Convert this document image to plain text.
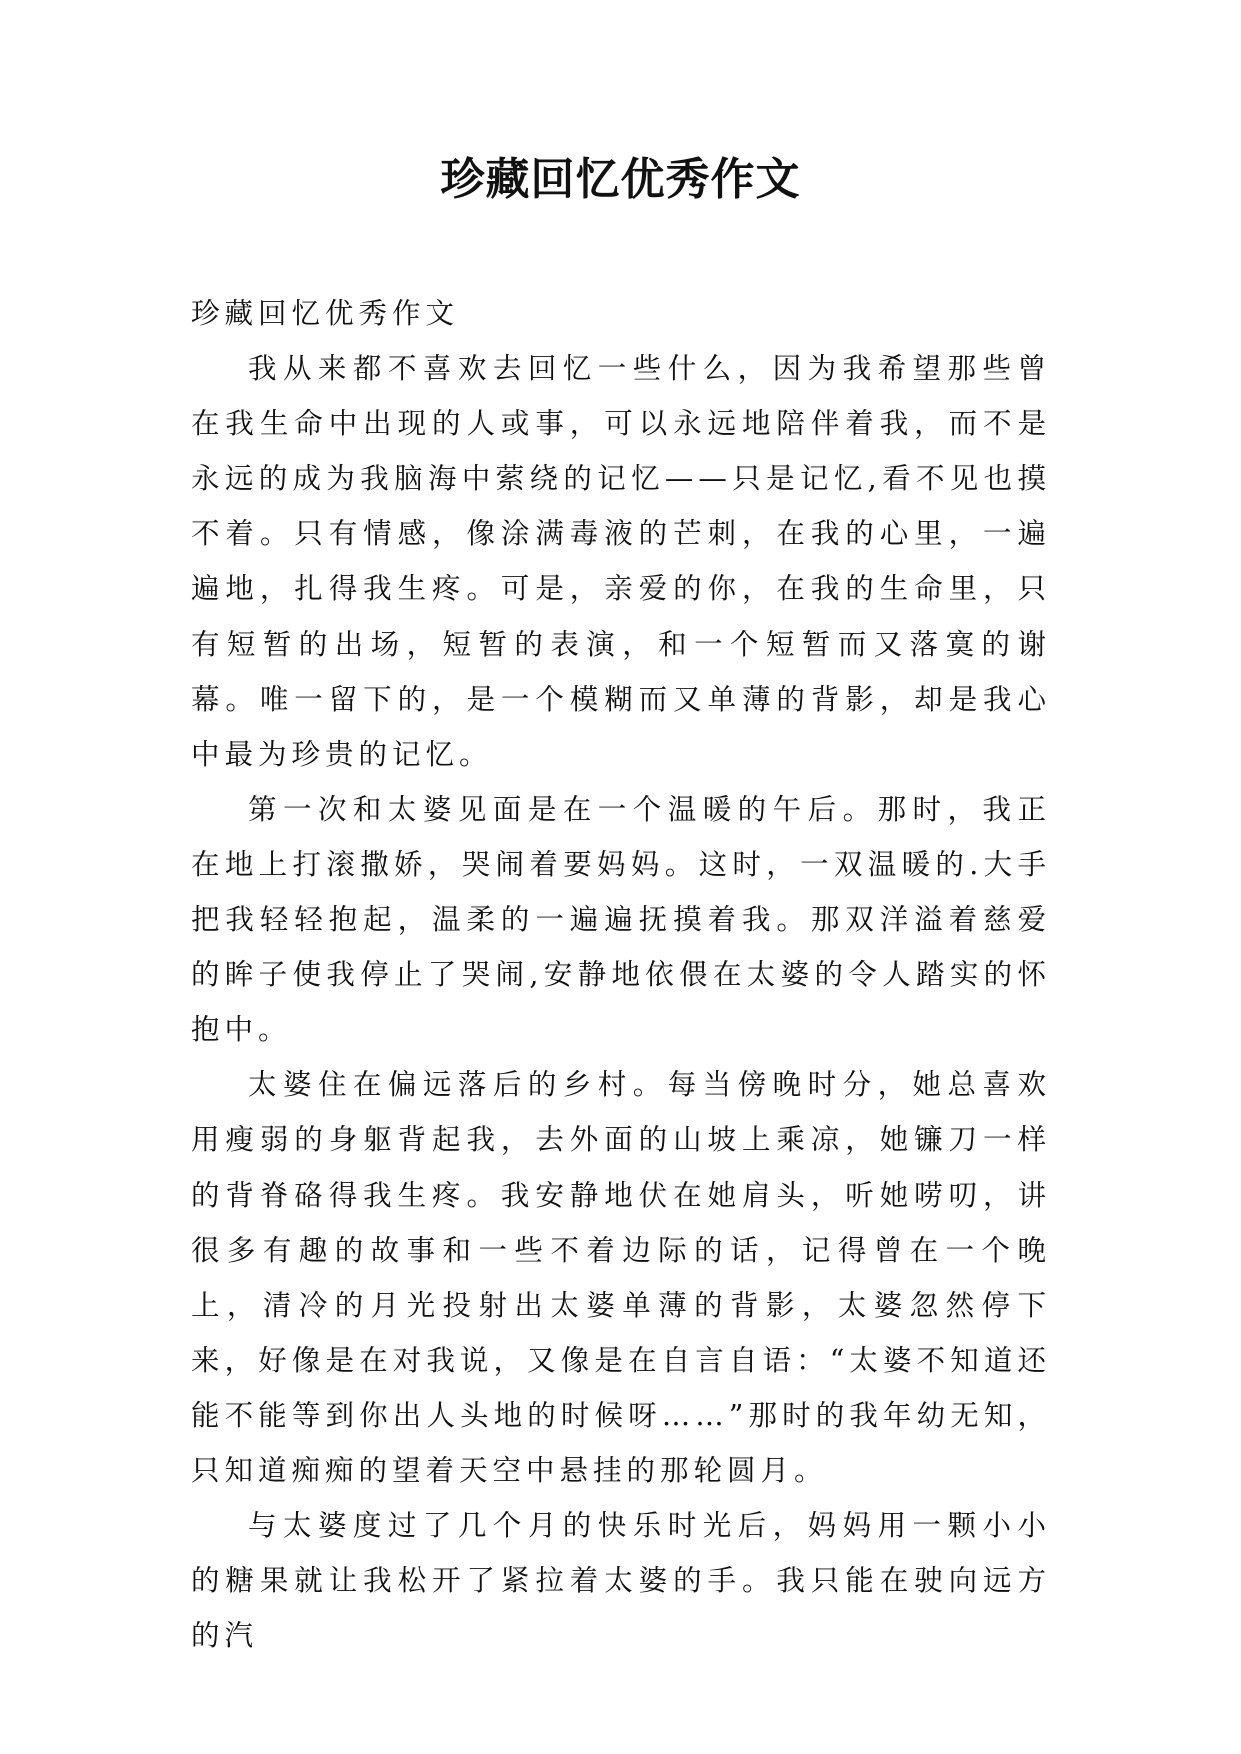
珍藏回忆优秀作文

珍藏回忆优秀作文

我从来都不喜欢去回忆一些什么，因为我希望那些曾在我生命中出现的人或事，可以永远地陪伴着我，而不是永远的成为我脑海中萦绕的记忆——只是记忆,看不见也摸不着。只有情感，像涂满毒液的芒刺，在我的心里，一遍遍地，扎得我生疼。可是，亲爱的你，在我的生命里，只有短暂的出场，短暂的表演，和一个短暂而又落寞的谢幕。唯一留下的，是一个模糊而又单薄的背影，却是我心中最为珍贵的记忆。

第一次和太婆见面是在一个温暖的午后。那时，我正在地上打滚撒娇，哭闹着要妈妈。这时，一双温暖的.大手把我轻轻抱起，温柔的一遍遍抚摸着我。那双洋溢着慈爱的眸子使我停止了哭闹,安静地依偎在太婆的令人踏实的怀抱中。

太婆住在偏远落后的乡村。每当傍晚时分，她总喜欢用瘦弱的身躯背起我，去外面的山坡上乘凉，她镰刀一样的背脊硌得我生疼。我安静地伏在她肩头，听她唠叨，讲很多有趣的故事和一些不着边际的话，记得曾在一个晚上，清冷的月光投射出太婆单薄的背影，太婆忽然停下来，好像是在对我说，又像是在自言自语：“太婆不知道还能不能等到你出人头地的时候呀……”那时的我年幼无知，只知道痴痴的望着天空中悬挂的那轮圆月。

与太婆度过了几个月的快乐时光后，妈妈用一颗小小的糖果就让我松开了紧拉着太婆的手。我只能在驶向远方的汽
